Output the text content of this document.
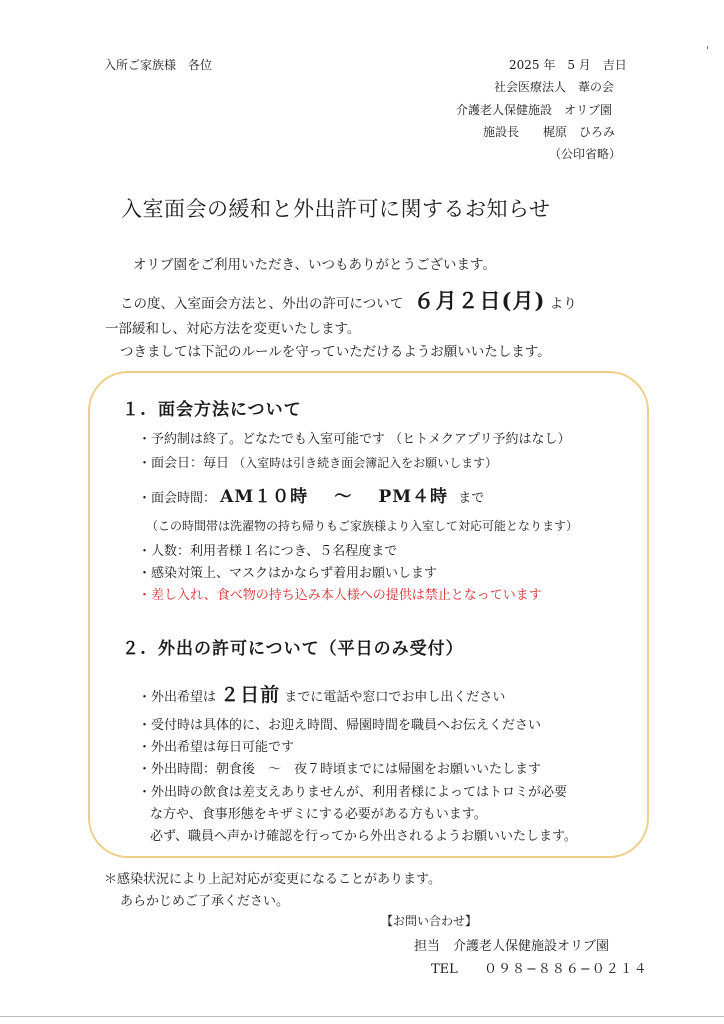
入所ご家族様　各位	2025 年　5 月　吉日
社会医療法人　葦の会
介護老人保健施設　オリブ園
施設長　　梶原　ひろみ
（公印省略）
'
入室面会の緩和と外出許可に関するお知らせ
オリブ園をご利用いただき、いつもありがとうございます。
この度、入室面会方法と、外出の許可について ６月２日(月) より
一部緩和し、対応方法を変更いたします。
つきましては下記のルールを守っていただけるようお願いいたします。
１. 面会方法について
・予約制は終了。どなたでも入室可能です （ヒトメクアプリ予約はなし）
・面会日：毎日 （入室時は引き続き面会簿記入をお願いします）
・面会時間： AM１０時 〜 PM４時 まで
（この時間帯は洗濯物の持ち帰りもご家族様より入室して対応可能となります）
・人数：利用者様１名につき、５名程度まで
・感染対策上、マスクはかならず着用お願いします
・差し入れ、食べ物の持ち込み本人様への提供は禁止となっています
２. 外出の許可について（平日のみ受付）
・外出希望は ２日前 までに電話や窓口でお申し出ください
・受付時は具体的に、お迎え時間、帰園時間を職員へお伝えください
・外出希望は毎日可能です
・外出時間：朝食後　〜　夜７時頃までには帰園をお願いいたします
・外出時の飲食は差支えありませんが、利用者様によってはトロミが必要
な方や、食事形態をキザミにする必要がある方もいます。
必ず、職員へ声かけ確認を行ってから外出されるようお願いいたします。
＊感染状況により上記対応が変更になることがあります。
あらかじめご了承ください。
【お問い合わせ】
担当　介護老人保健施設オリブ園
TEL ０９８−８８６−０２１４
